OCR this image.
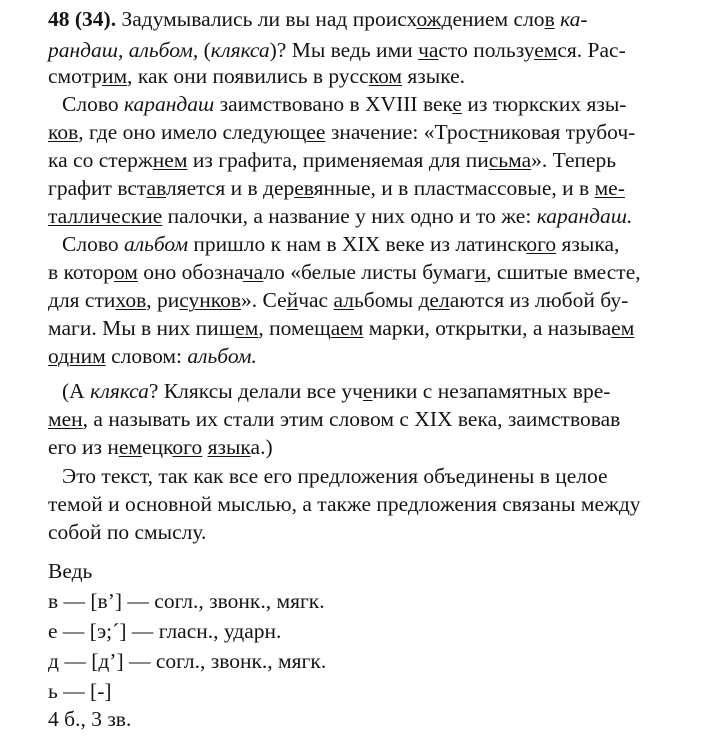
48 (34). Задумывались ли вы над происхождением слов ка-
рандаш, альбом, (клякса)? Мы ведь ими часто пользуемся. Рас-
смотрим, как они появились в русском языке.
Слово карандаш заимствовано в XVIII веке из тюркских язы-
ков, где оно имело следующее значение: «Тростниковая трубоч-
ка со стержнем из графита, применяемая для письма». Теперь
графит вставляется и в деревянные, и в пластмассовые, и в ме-
таллические палочки, а название у них одно и то же: карандаш.
Слово альбом пришло к нам в XIX веке из латинского языка,
в котором оно обозначало «белые листы бумаги, сшитые вместе,
для стихов, рисунков». Сейчас альбомы делаются из любой бу-
маги. Мы в них пишем, помещаем марки, открытки, а называем
одним словом: альбом.
(А клякса? Кляксы делали все ученики с незапамятных вре-
мен, а называть их стали этим словом с XIX века, заимствовав
его из немецкого языка.)
Это текст, так как все его предложения объединены в целое
темой и основной мыслью, а также предложения связаны между
собой по смыслу.
Ведь
в — [в’] — согл., звонк., мягк.
е — [э;´] — гласн., ударн.
д — [д’] — согл., звонк., мягк.
ь — [-]
4 б., 3 зв.
